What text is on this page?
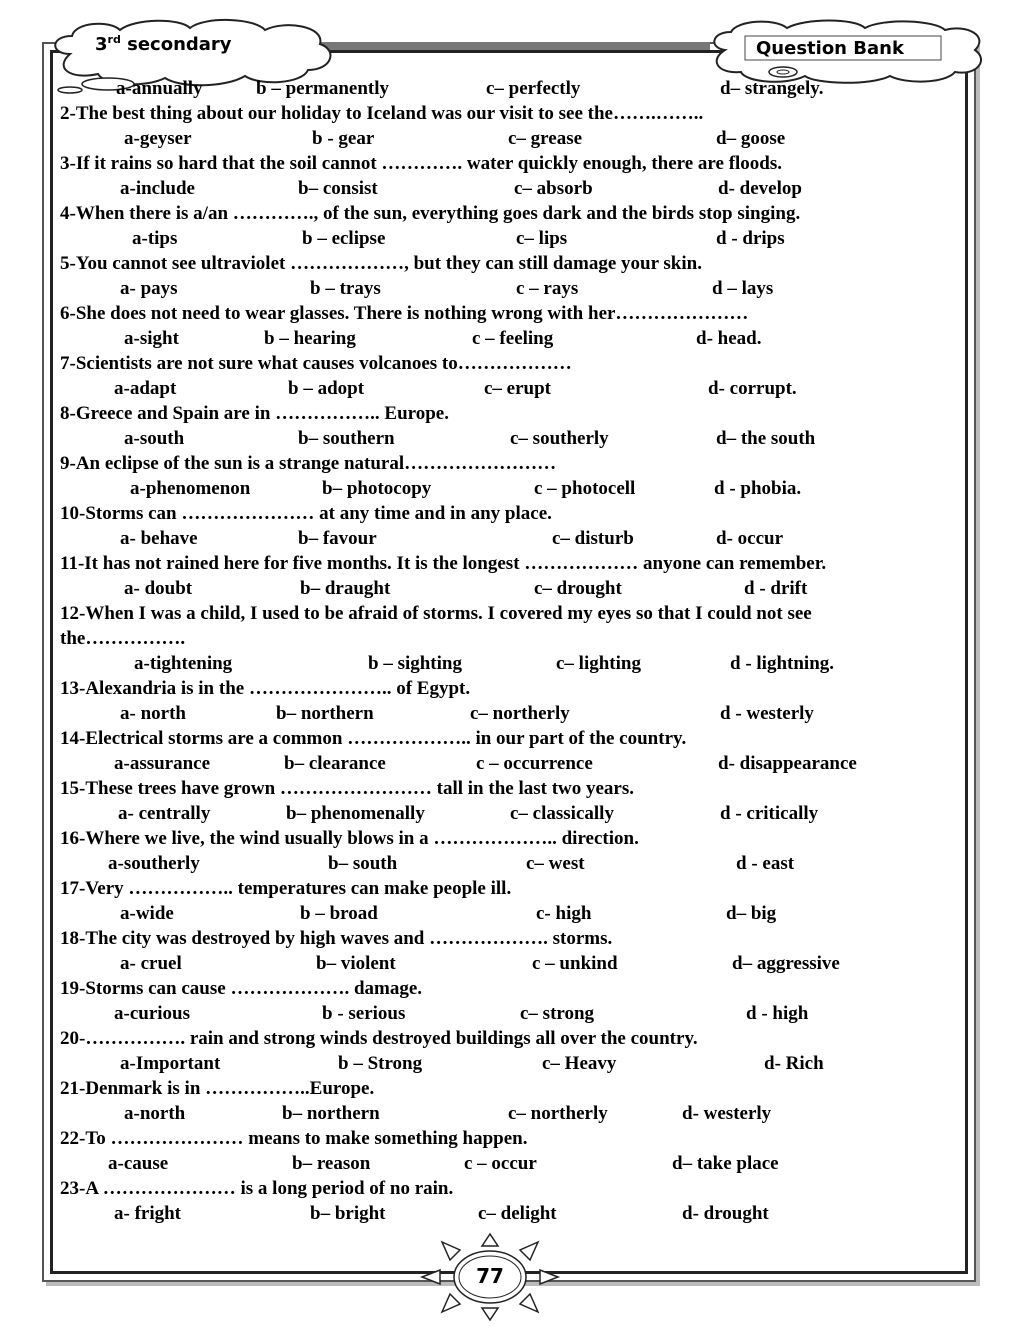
3rd secondary	Question Bank
a-annually	b – permanently	c– perfectly	d– strangely.
2-The best thing about our holiday to Iceland was our visit to see the…….……..
a-geyser	b - gear	c– grease	d– goose
3-If it rains so hard that the soil cannot …………. water quickly enough, there are floods.
a-include	b– consist	c– absorb	d- develop
4-When there is a/an …………., of the sun, everything goes dark and the birds stop singing.
a-tips	b – eclipse	c– lips	d - drips
5-You cannot see ultraviolet ………………, but they can still damage your skin.
a- pays	b – trays	c – rays	d – lays
6-She does not need to wear glasses. There is nothing wrong with her…………………
a-sight	b – hearing	c – feeling	d- head.
7-Scientists are not sure what causes volcanoes to………………
a-adapt	b – adopt	c– erupt	d- corrupt.
8-Greece and Spain are in …………….. Europe.
a-south	b– southern	c– southerly	d– the south
9-An eclipse of the sun is a strange natural……………………
a-phenomenon	b– photocopy	c – photocell	d - phobia.
10-Storms can ………………… at any time and in any place.
a- behave	b– favour	c– disturb	d- occur
11-It has not rained here for five months. It is the longest ……………… anyone can remember.
a- doubt	b– draught	c– drought	d - drift
12-When I was a child, I used to be afraid of storms. I covered my eyes so that I could not see the…………….
a-tightening	b – sighting	c– lighting	d - lightning.
13-Alexandria is in the ………………….. of Egypt.
a- north	b– northern	c– northerly	d - westerly
14-Electrical storms are a common ……………….. in our part of the country.
a-assurance	b– clearance	c – occurrence	d- disappearance
15-These trees have grown …………………… tall in the last two years.
a- centrally	b– phenomenally	c– classically	d - critically
16-Where we live, the wind usually blows in a ……………….. direction.
a-southerly	b– south	c– west	d - east
17-Very …………….. temperatures can make people ill.
a-wide	b – broad	c- high	d– big
18-The city was destroyed by high waves and ………………. storms.
a- cruel	b– violent	c – unkind	d– aggressive
19-Storms can cause ………………. damage.
a-curious	b - serious	c– strong	d - high
20-……………. rain and strong winds destroyed buildings all over the country.
a-Important	b – Strong	c– Heavy	d- Rich
21-Denmark is in ……………..Europe.
a-north	b– northern	c– northerly	d- westerly
22-To ………………… means to make something happen.
a-cause	b– reason	c – occur	d– take place
23-A ………………… is a long period of no rain.
a- fright	b– bright	c– delight	d- drought
77
